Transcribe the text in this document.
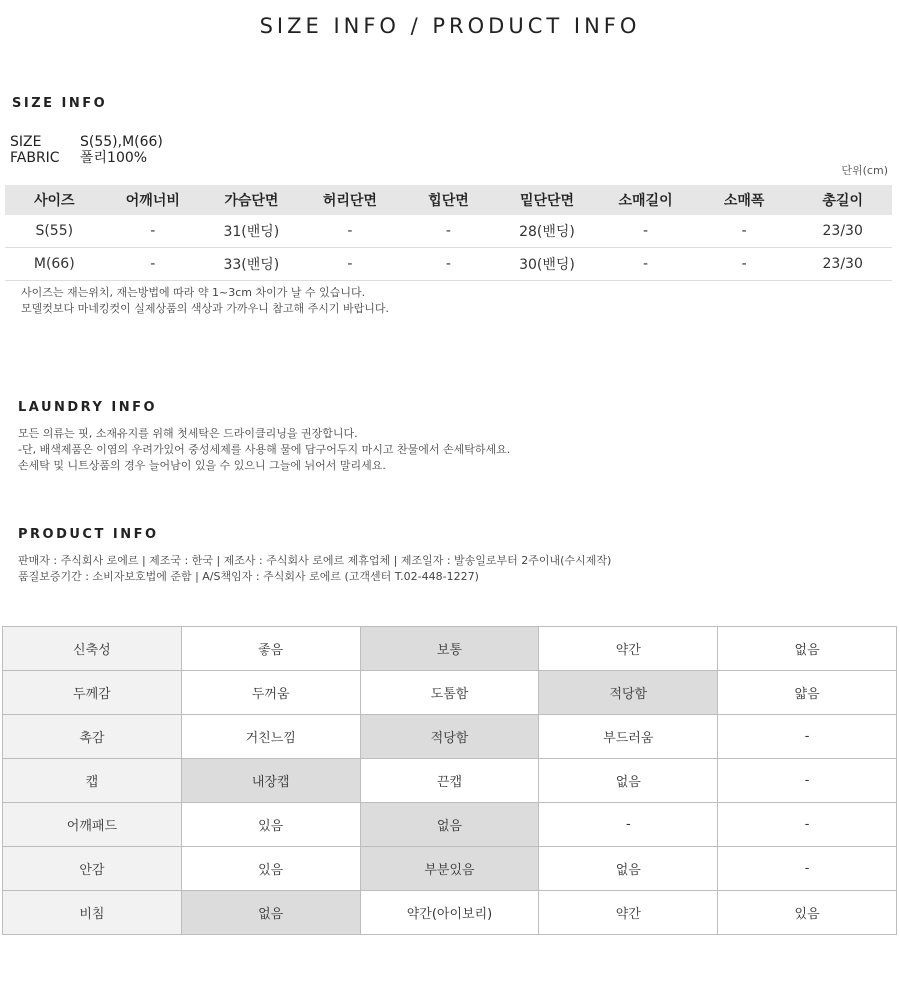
SIZE INFO / PRODUCT INFO
SIZE INFO
SIZE	S(55),M(66)
FABRIC 폴리100%
단위(cm)
사이즈	어깨너비	가슴단면	허리단면	힙단면	밑단단면	소매길이	소매폭	총길이
S(55)	-	31(밴딩)	-	-	28(밴딩)	-	-	23/30
M(66)	-	33(밴딩)	-	-	30(밴딩)	-	-	23/30

사이즈는 재는위치, 재는방법에 따라 약 1~3cm 차이가 날 수 있습니다.

모델컷보다 마네킹컷이 실제상품의 색상과 가까우니 참고해 주시기 바랍니다.

LAUNDRY INFO

모든 의류는 핏, 소재유지를 위해 첫세탁은 드라이클리닝을 권장합니다.

-단, 배색제품은 이염의 우려가있어 중성세제를 사용해 물에 담구어두지 마시고 찬물에서 손세탁하세요.

손세탁 및 니트상품의 경우 늘어남이 있을 수 있으니 그늘에 뉘어서 말리세요.

PRODUCT INFO

판매자 : 주식회사 로에르 | 제조국 : 한국 | 제조사 : 주식회사 로에르 제휴업체 | 제조일자 : 발송일로부터 2주이내(수시제작)

품질보증기간 : 소비자보호법에 준함 | A/S책임자 : 주식회사 로에르 (고객센터 T.02-448-1227)

신축성	좋음	보통	약간	없음
두께감	두꺼움	도톰함	적당함	얇음
촉감	거친느낌	적당함	부드러움	-
캡	내장캡	끈캡	없음	-
어깨패드	있음	없음	-	-
안감	있음	부분있음	없음	-
비침	없음	약간(아이보리)	약간	있음
